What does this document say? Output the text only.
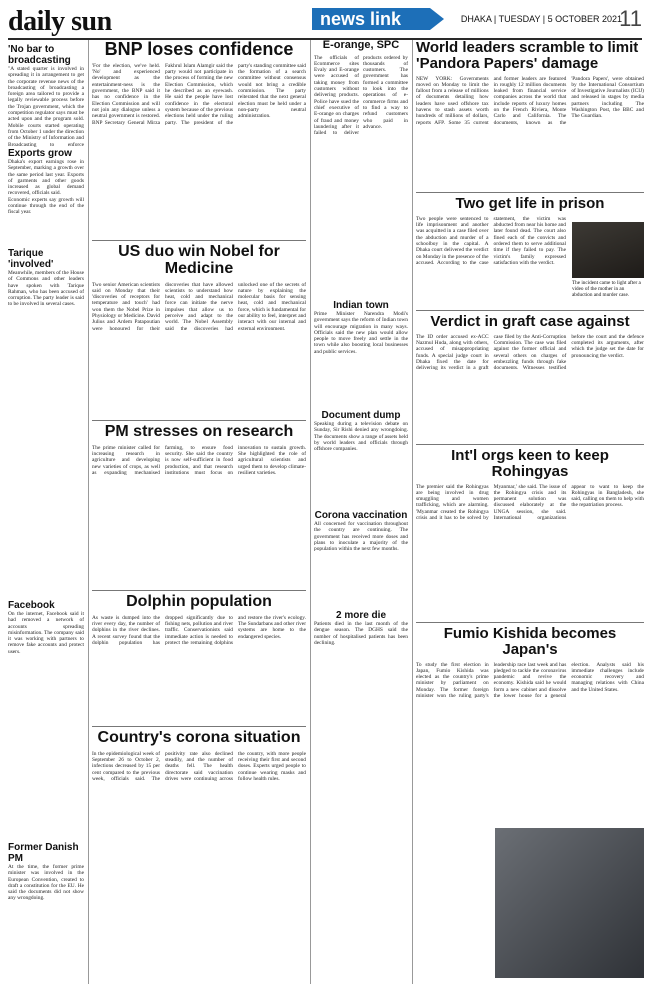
daily sun	news link	DHAKA | TUESDAY | 5 OCTOBER 2021
11
'No bar to broadcasting
"A stated quarter is involved in spreading it in arrangement to get the corporate revenue news of the broadcasting of broadcasting a foreign area tailored to provide a legally reviewable process before the Trojan government, which the competition regulator says must be acted upon and the program sold. Mobile courts started operating from October 1 under the direction of the Ministry of Information and Broadcasting to enforce
Exports grow
Dhaka's export earnings rose in September, marking a growth over the same period last year. Exports of garments and other goods increased as global demand recovered, officials said.
Economic experts say growth will continue through the end of the fiscal year.
Tarique 'involved'
Meanwhile, members of the House of Commons and other leaders have spoken with Tarique Rahman, who has been accused of corruption. The party leader is said to be involved in several cases.
Facebook
On the internet, Facebook said it had removed a network of accounts spreading misinformation. The company said it was working with partners to remove fake accounts and protect users.
Former Danish PM
At the time, the former prime minister was involved in the European Convention, created to draft a constitution for the EU. He said the documents did not show any wrongdoing.
BNP loses confidence
'For the election, we've held. 'No' and experienced development as the entertainment-ness is the government, the BNP said it has no confidence in the Election Commission and will not join any dialogue unless a neutral government is restored. BNP Secretary General Mirza Fakhrul Islam Alamgir said the party would not participate in the process of forming the new Election Commission, which he described as an eyewash. He said the people have lost confidence in the electoral system because of the previous elections held under the ruling party. The president of the party's standing committee said the formation of a search committee without consensus would not bring a credible commission. The party reiterated that the next general election must be held under a non-party neutral administration.
US duo win Nobel for Medicine
Two senior American scientists said on Monday that their 'discoveries of receptors for temperature and touch' had won them the Nobel Prize in Physiology or Medicine. David Julius and Ardem Patapoutian were honoured for their discoveries that have allowed scientists to understand how heat, cold and mechanical force can initiate the nerve impulses that allow us to perceive and adapt to the world. The Nobel Assembly said the discoveries had unlocked one of the secrets of nature by explaining the molecular basis for sensing heat, cold and mechanical force, which is fundamental for our ability to feel, interpret and interact with our internal and external environment.
PM stresses on research
The prime minister called for increasing research in agriculture and developing new varieties of crops, as well as expanding mechanised farming, to ensure food security. She said the country is now self-sufficient in food production, and that research institutions must focus on innovation to sustain growth. She highlighted the role of agricultural scientists and urged them to develop climate-resilient varieties.
Dolphin population
As waste is dumped into the river every day, the number of dolphins in the river declines. A recent survey found that the dolphin population has dropped significantly due to fishing nets, pollution and river traffic. Conservationists said immediate action is needed to protect the remaining dolphins and restore the river's ecology. The Sundarbans and other river systems are home to the endangered species.
Country's corona situation
In the epidemiological week of September 26 to October 2, infections decreased by 15 per cent compared to the previous week, officials said. The positivity rate also declined steadily, and the number of deaths fell. The health directorate said vaccination drives were continuing across the country, with more people receiving their first and second doses. Experts urged people to continue wearing masks and follow health rules.
E-orange, SPC
The officials of Ecommerce sites Evaly and E-orange were accused of taking money from customers without delivering products. Police have sued the chief executive of E-orange on charges of fraud and money laundering after it failed to deliver products ordered by thousands of customers. The government has formed a committee to look into the operations of e-commerce firms and to find a way to refund customers who paid in advance.
Indian town
Prime Minister Narendra Modi's government says the reform of Indian town will encourage migration in many ways. Officials said the new plan would allow people to move freely and settle in the town while also boosting local businesses and public services.
Document dump
Speaking during a television debate on Sunday, Sir Rishi denied any wrongdoing. The documents show a range of assets held by world leaders and officials through offshore companies.
Corona vaccination
All concerned for vaccination throughout the country are continuing. The government has received more doses and plans to inoculate a majority of the population within the next few months.
2 more die
Patients died in the last month of the dengue season. The DGHS said the number of hospitalised patients has been declining.
World leaders scramble to limit 'Pandora Papers' damage
NEW YORK: Governments moved on Monday to limit the fallout from a release of millions of documents detailing how leaders have used offshore tax havens to stash assets worth hundreds of millions of dollars, reports AFP. Some 35 current and former leaders are featured in roughly 12 million documents leaked from financial service companies across the world that include reports of luxury homes on the French Riviera, Monte Carlo and California. The documents, known as the 'Pandora Papers', were obtained by the International Consortium of Investigative Journalists (ICIJ) and released in stages by media partners including The Washington Post, the BBC and The Guardian.
Two get life in prison
Two people were sentenced to life imprisonment and another was acquitted in a case filed over the abduction and murder of a schoolboy in the capital. A Dhaka court delivered the verdict on Monday in the presence of the accused. According to the case statement, the victim was abducted from near his home and later found dead. The court also fined each of the convicts and ordered them to serve additional time if they failed to pay. The victim's family expressed satisfaction with the verdict.
The incident came to light after a video of the mother in an abduction and murder case.
Verdict in graft case against
The ID order accused ex-ACC Nazmul Huda, along with others, accused of misappropriating funds. A special judge court in Dhaka fixed the date for delivering its verdict in a graft case filed by the Anti-Corruption Commission. The case was filed against the former official and several others on charges of embezzling funds through fake documents. Witnesses testified before the court and the defence completed its arguments, after which the judge set the date for pronouncing the verdict.
Int'l orgs keen to keep Rohingyas
The premier said the Rohingyas are being involved in drug smuggling and women trafficking, which are alarming. 'Myanmar created the Rohingya crisis and it has to be solved by Myanmar,' she said. The issue of the Rohingya crisis and its permanent solution was discussed elaborately at the UNGA session, she said. International organizations appear to want to keep the Rohingyas in Bangladesh, she said, calling on them to help with the repatriation process.
Fumio Kishida becomes Japan's
To study the first election in Japan, Fumio Kishida was elected as the country's prime minister by parliament on Monday. The former foreign minister won the ruling party's leadership race last week and has pledged to tackle the coronavirus pandemic and revive the economy. Kishida said he would form a new cabinet and dissolve the lower house for a general election. Analysts said his immediate challenges include economic recovery and managing relations with China and the United States.
